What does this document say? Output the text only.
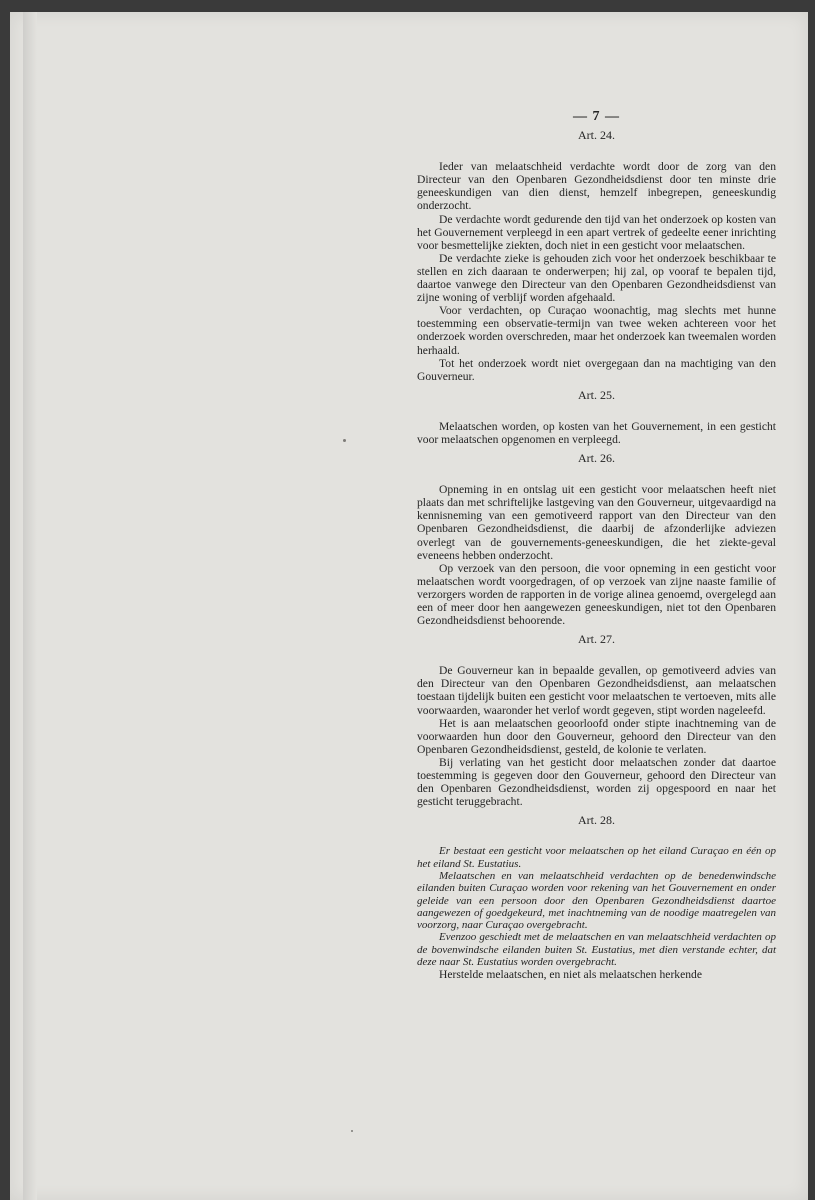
— 7 —
Art. 24.

Ieder van melaatschheid verdachte wordt door de zorg van den Directeur van den Openbaren Gezondheidsdienst door ten minste drie geneeskundigen van dien dienst, hemzelf inbegrepen, geneeskundig onderzocht.

De verdachte wordt gedurende den tijd van het onderzoek op kosten van het Gouvernement verpleegd in een apart vertrek of gedeelte eener inrichting voor besmettelijke ziekten, doch niet in een gesticht voor melaatschen.

De verdachte zieke is gehouden zich voor het onderzoek beschikbaar te stellen en zich daaraan te onderwerpen; hij zal, op vooraf te bepalen tijd, daartoe vanwege den Directeur van den Openbaren Gezondheidsdienst van zijne woning of verblijf worden afgehaald.

Voor verdachten, op Curaçao woonachtig, mag slechts met hunne toestemming een observatie-termijn van twee weken achtereen voor het onderzoek worden overschreden, maar het onderzoek kan tweemalen worden herhaald.

Tot het onderzoek wordt niet overgegaan dan na machtiging van den Gouverneur.

Art. 25.

Melaatschen worden, op kosten van het Gouvernement, in een gesticht voor melaatschen opgenomen en verpleegd.

Art. 26.

Opneming in en ontslag uit een gesticht voor melaatschen heeft niet plaats dan met schriftelijke lastgeving van den Gouverneur, uitgevaardigd na kennisneming van een gemotiveerd rapport van den Directeur van den Openbaren Gezondheidsdienst, die daarbij de afzonderlijke adviezen overlegt van de gouvernements-geneeskundigen, die het ziekte-geval eveneens hebben onderzocht.

Op verzoek van den persoon, die voor opneming in een gesticht voor melaatschen wordt voorgedragen, of op verzoek van zijne naaste familie of verzorgers worden de rapporten in de vorige alinea genoemd, overgelegd aan een of meer door hen aangewezen geneeskundigen, niet tot den Openbaren Gezondheidsdienst behoorende.

Art. 27.

De Gouverneur kan in bepaalde gevallen, op gemotiveerd advies van den Directeur van den Openbaren Gezondheidsdienst, aan melaatschen toestaan tijdelijk buiten een gesticht voor melaatschen te vertoeven, mits alle voorwaarden, waaronder het verlof wordt gegeven, stipt worden nageleefd.

Het is aan melaatschen geoorloofd onder stipte inachtneming van de voorwaarden hun door den Gouverneur, gehoord den Directeur van den Openbaren Gezondheidsdienst, gesteld, de kolonie te verlaten.

Bij verlating van het gesticht door melaatschen zonder dat daartoe toestemming is gegeven door den Gouverneur, gehoord den Directeur van den Openbaren Gezondheidsdienst, worden zij opgespoord en naar het gesticht teruggebracht.

Art. 28.

Er bestaat een gesticht voor melaatschen op het eiland Curaçao en één op het eiland St. Eustatius.

Melaatschen en van melaatschheid verdachten op de benedenwindsche eilanden buiten Curaçao worden voor rekening van het Gouvernement en onder geleide van een persoon door den Openbaren Gezondheidsdienst daartoe aangewezen of goedgekeurd, met inachtneming van de noodige maatregelen van voorzorg, naar Curaçao overgebracht.

Evenzoo geschiedt met de melaatschen en van melaatschheid verdachten op de bovenwindsche eilanden buiten St. Eustatius, met dien verstande echter, dat deze naar St. Eustatius worden overgebracht.

Herstelde melaatschen, en niet als melaatschen herkende
